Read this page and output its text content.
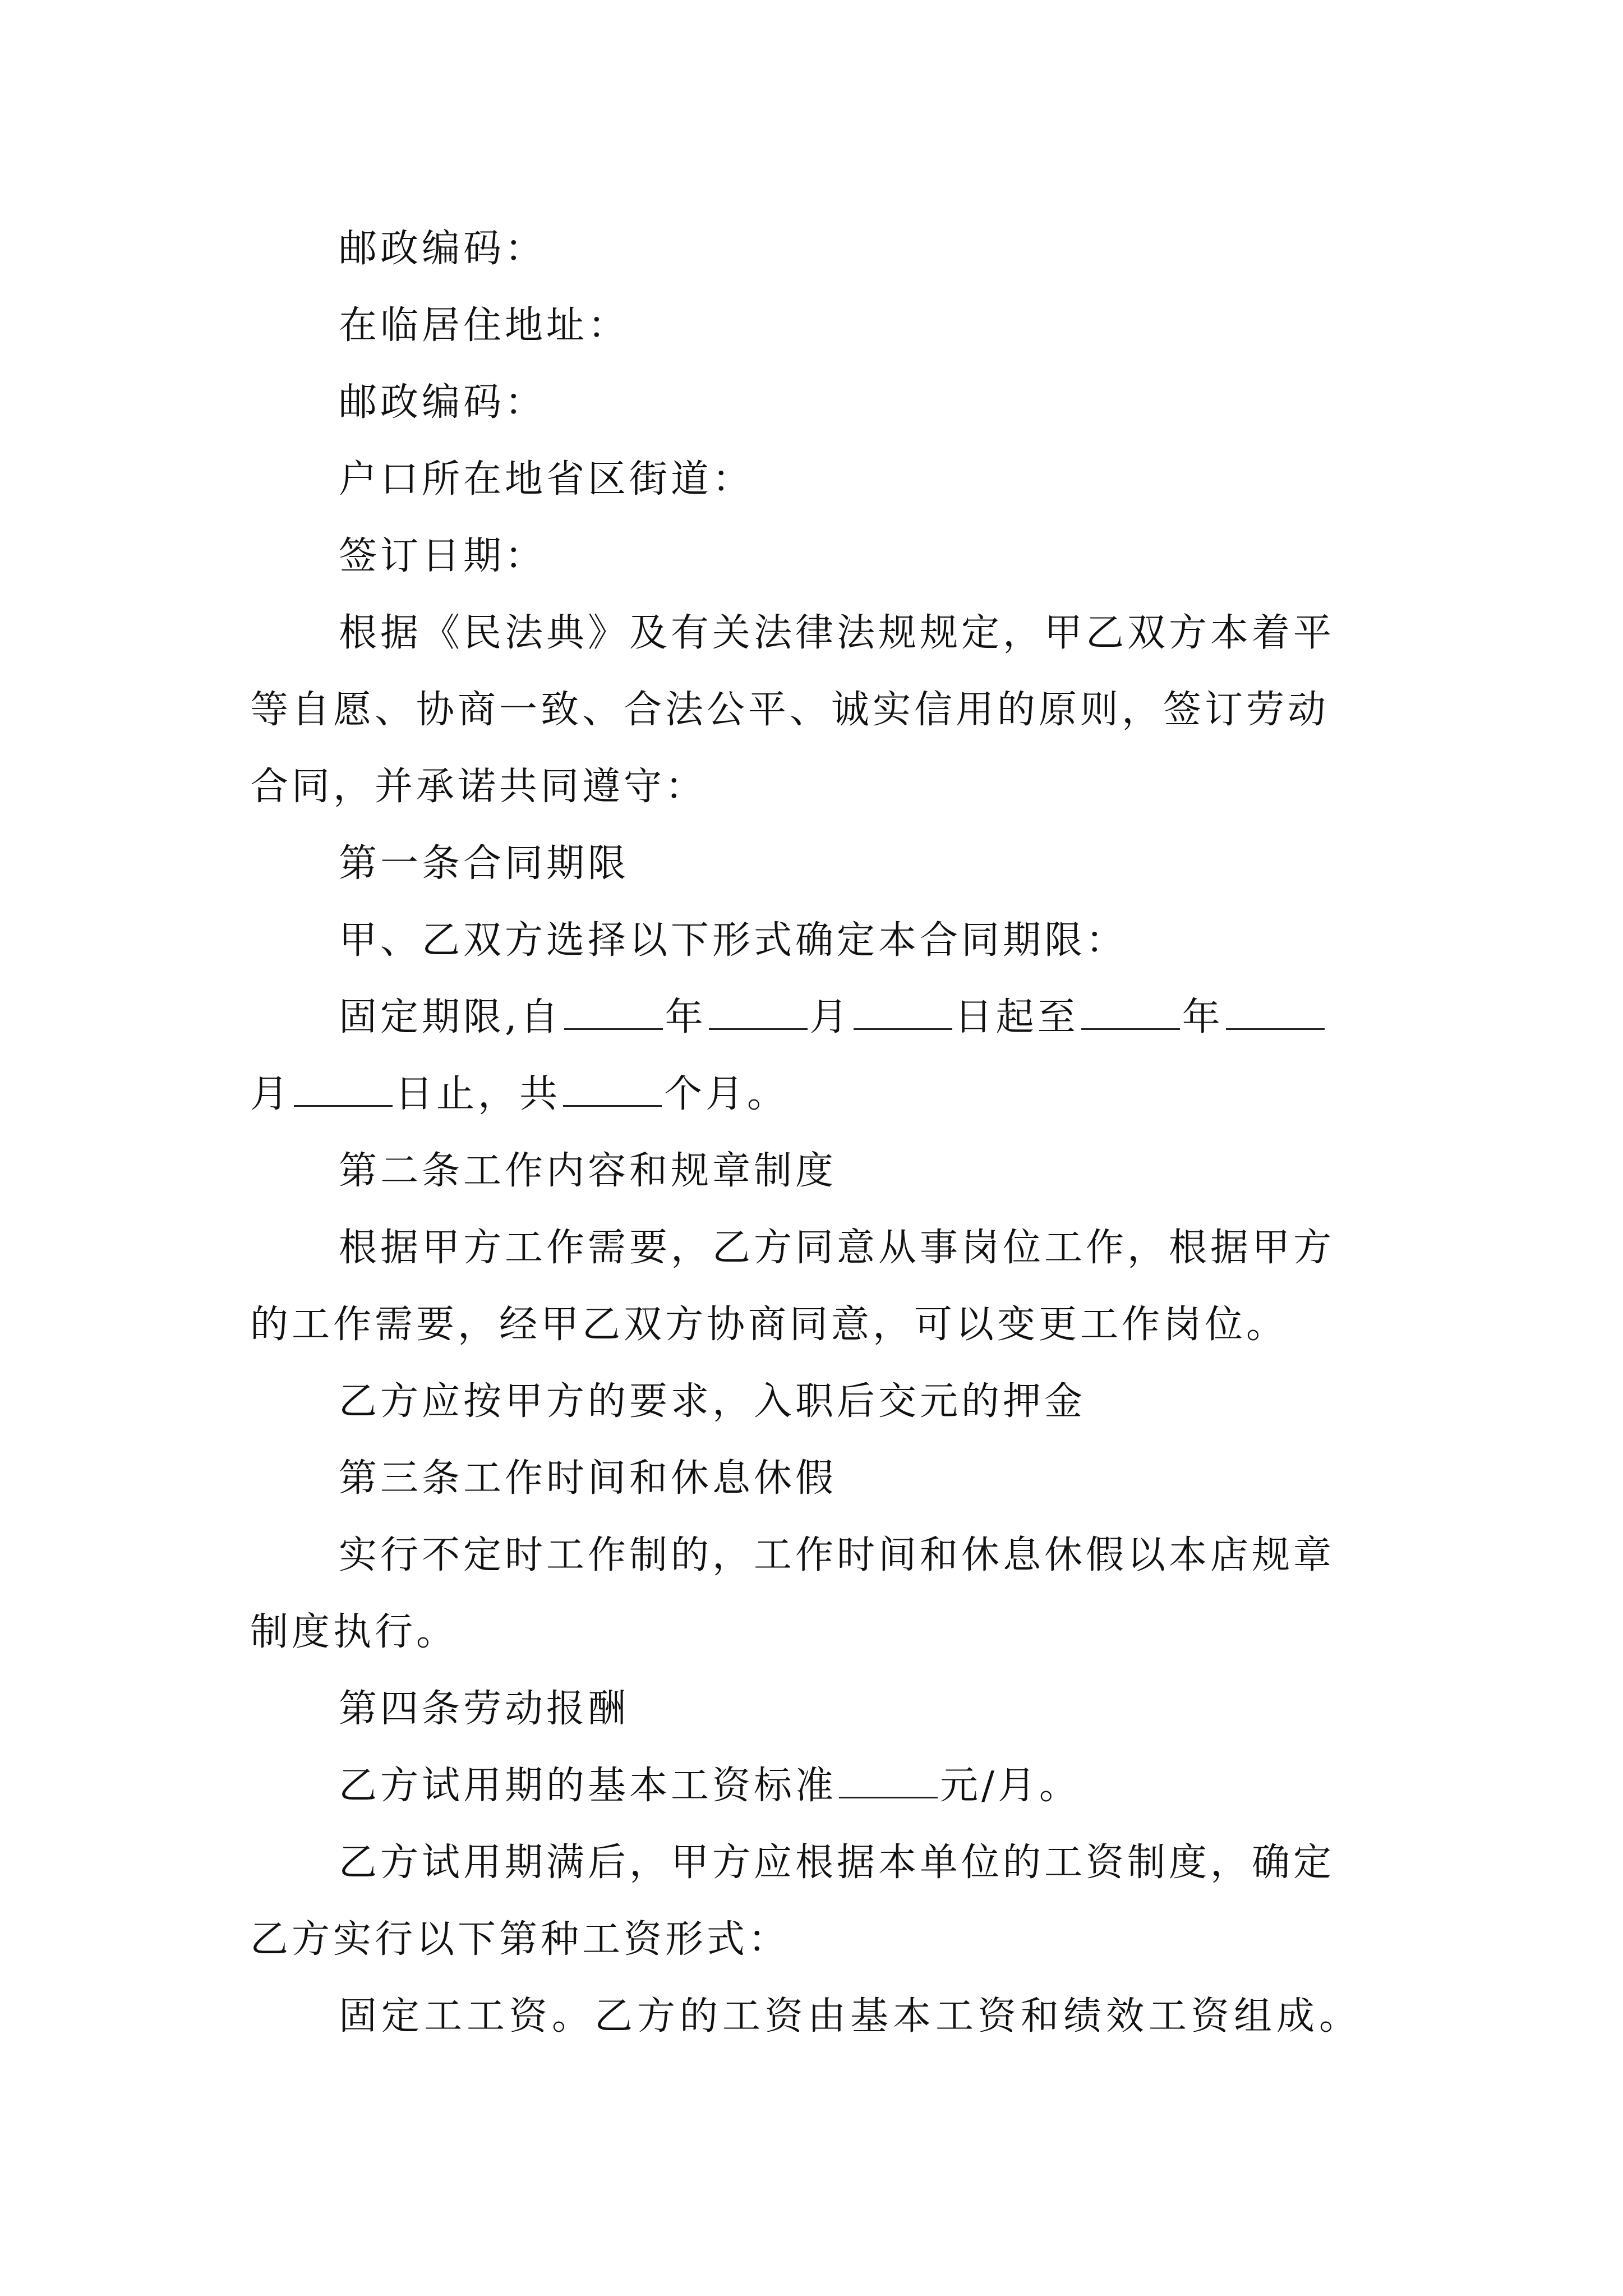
邮政编码：
在临居住地址：
邮政编码：
户口所在地省区街道：
签订日期：
根据《民法典》及有关法律法规规定，甲乙双方本着平
等自愿、协商一致、合法公平、诚实信用的原则，签订劳动
合同，并承诺共同遵守：
第一条合同期限
甲、乙双方选择以下形式确定本合同期限：
固定期限,自	年	月	日起至	年
月	日止，共	个月。
第二条工作内容和规章制度
根据甲方工作需要，乙方同意从事岗位工作，根据甲方
的工作需要，经甲乙双方协商同意，可以变更工作岗位。
乙方应按甲方的要求，入职后交元的押金
第三条工作时间和休息休假
实行不定时工作制的，工作时间和休息休假以本店规章
制度执行。
第四条劳动报酬
乙方试用期的基本工资标准	元/月。
乙方试用期满后，甲方应根据本单位的工资制度，确定
乙方实行以下第种工资形式：
固定工工资。乙方的工资由基本工资和绩效工资组成。
